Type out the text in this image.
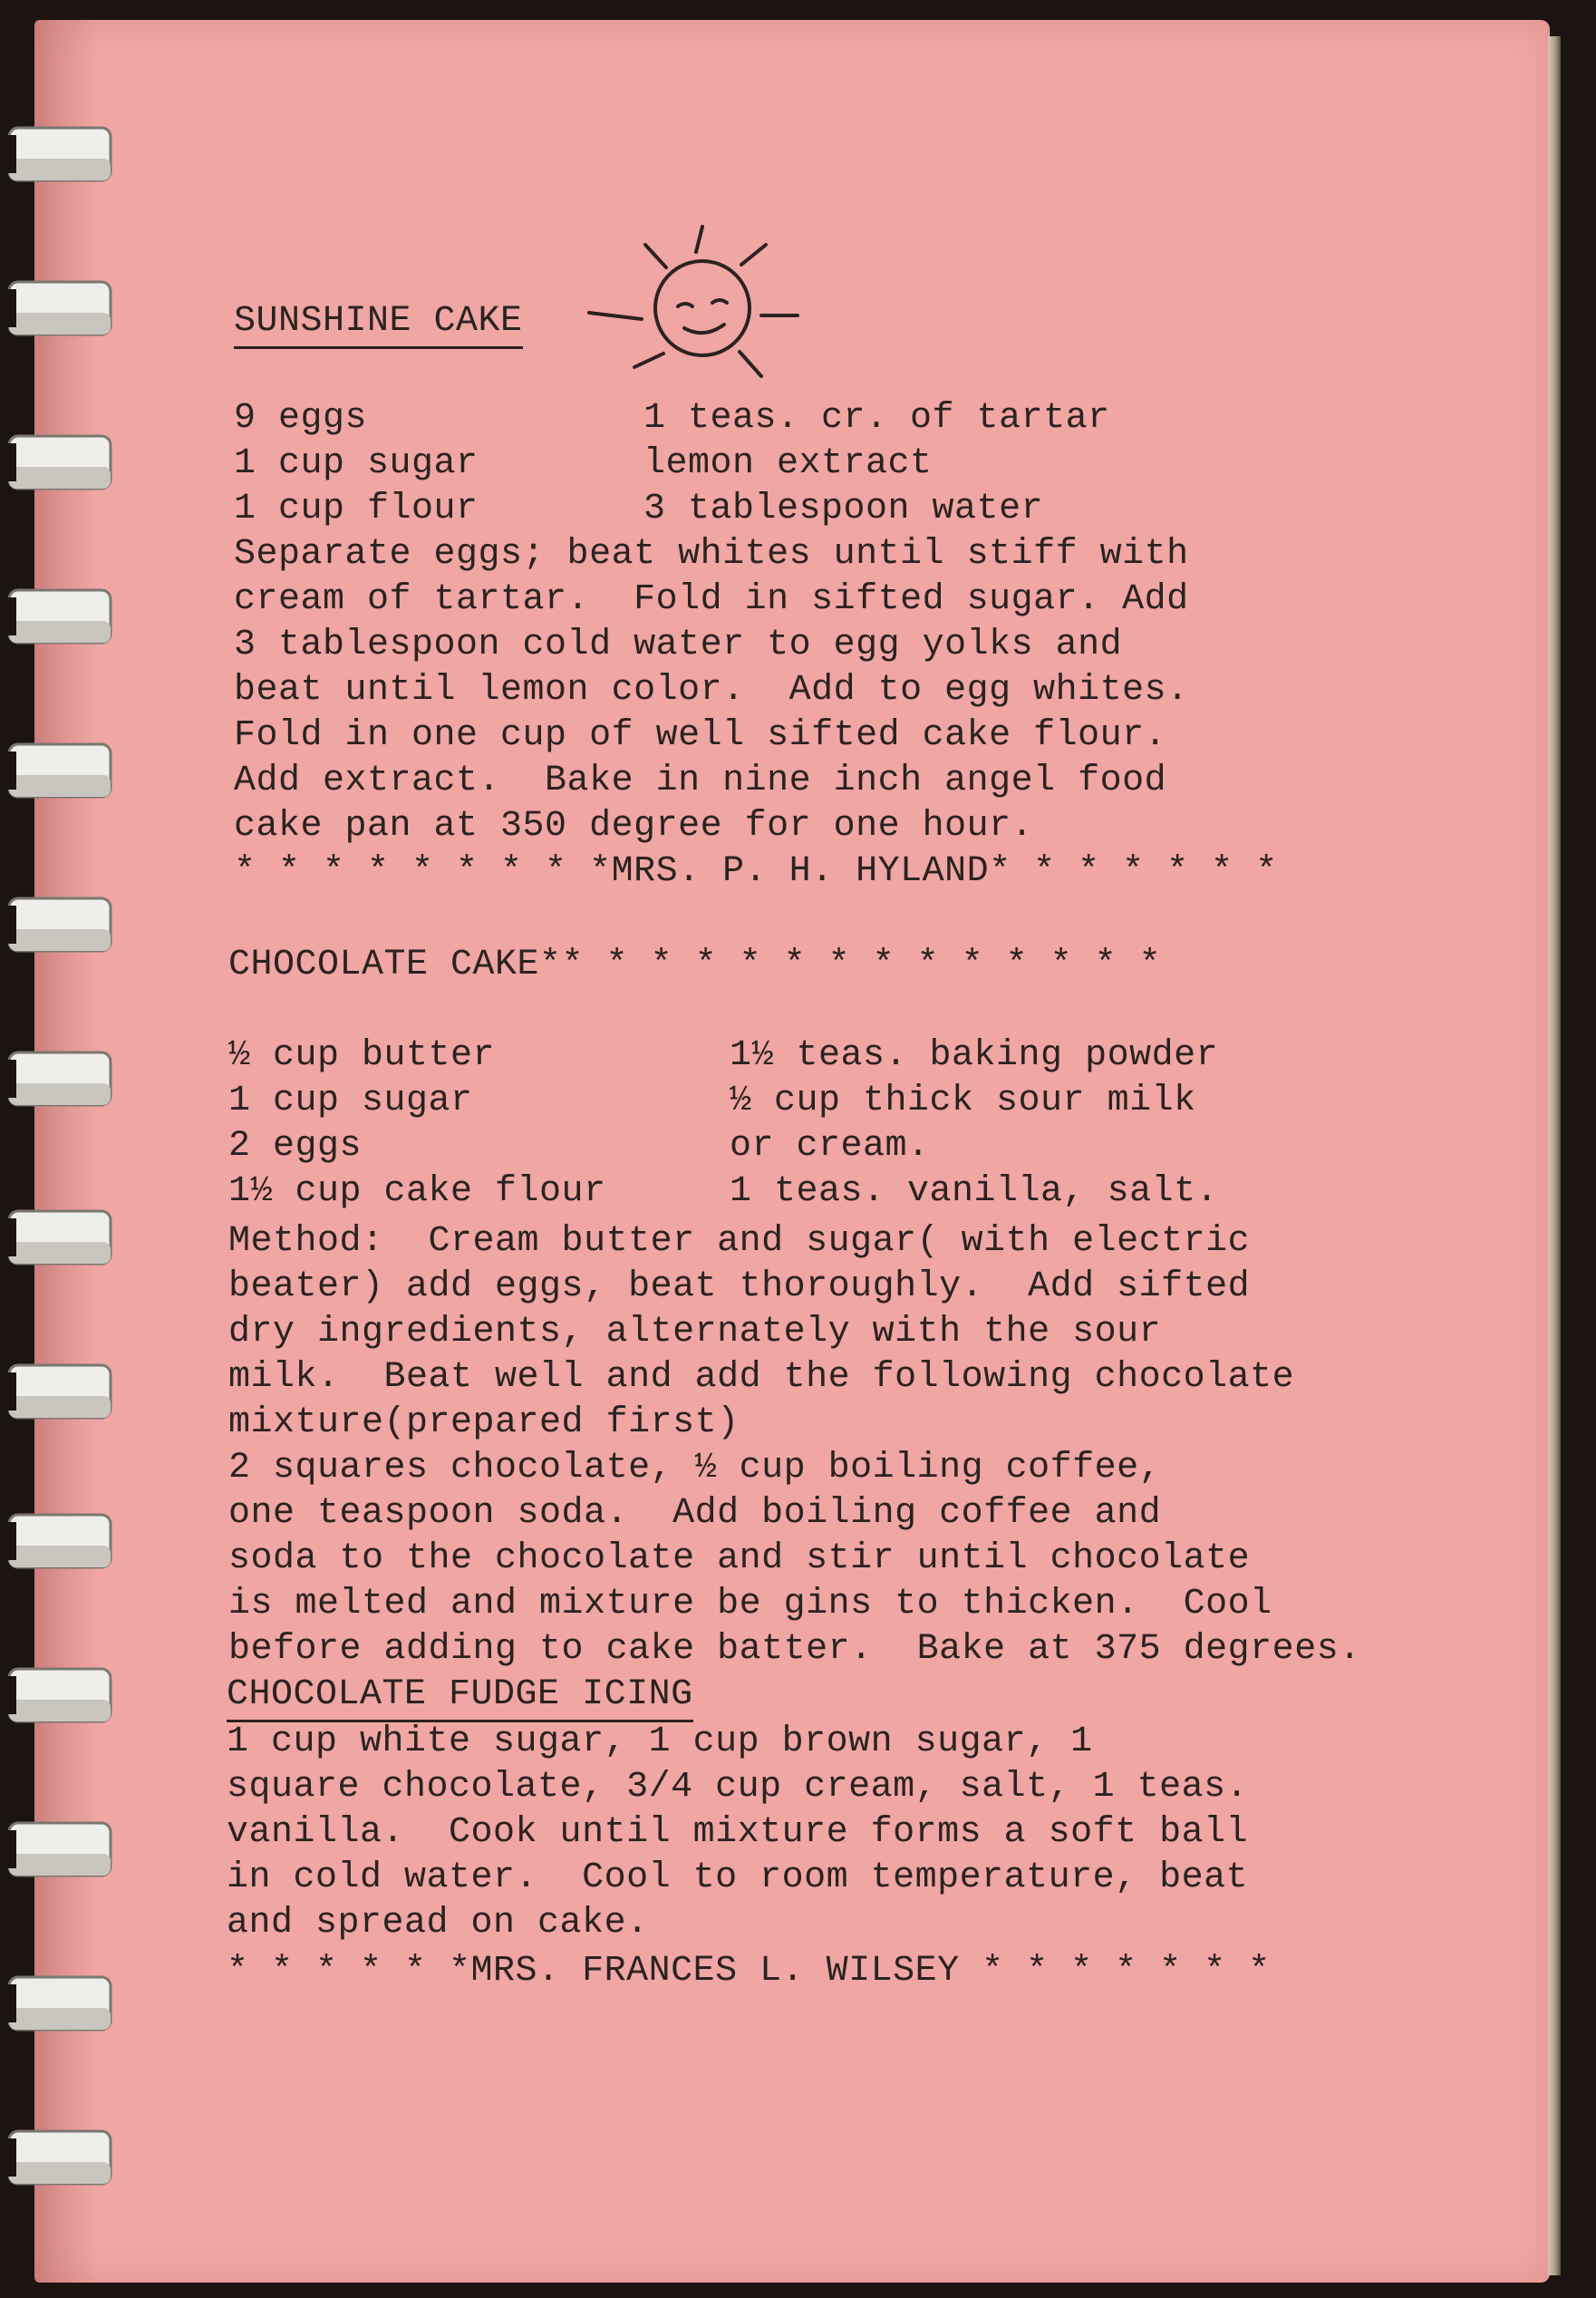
SUNSHINE CAKE
9 eggs
1 cup sugar
1 cup flour
1 teas. cr. of tartar
lemon extract
3 tablespoon water
Separate eggs; beat whites until stiff with
cream of tartar.  Fold in sifted sugar. Add
3 tablespoon cold water to egg yolks and
beat until lemon color.  Add to egg whites.
Fold in one cup of well sifted cake flour.
Add extract.  Bake in nine inch angel food
cake pan at 350 degree for one hour.
* * * * * * * * *MRS. P. H. HYLAND* * * * * * *
CHOCOLATE CAKE** * * * * * * * * * * * * *
½ cup butter
1 cup sugar
2 eggs
1½ cup cake flour
1½ teas. baking powder
½ cup thick sour milk
or cream.
1 teas. vanilla, salt.
Method:  Cream butter and sugar( with electric
beater) add eggs, beat thoroughly.  Add sifted
dry ingredients, alternately with the sour
milk.  Beat well and add the following chocolate
mixture(prepared first)
2 squares chocolate, ½ cup boiling coffee,
one teaspoon soda.  Add boiling coffee and
soda to the chocolate and stir until chocolate
is melted and mixture be gins to thicken.  Cool
before adding to cake batter.  Bake at 375 degrees.
CHOCOLATE FUDGE ICING
1 cup white sugar, 1 cup brown sugar, 1
square chocolate, 3/4 cup cream, salt, 1 teas.
vanilla.  Cook until mixture forms a soft ball
in cold water.  Cool to room temperature, beat
and spread on cake.
* * * * * *MRS. FRANCES L. WILSEY * * * * * * *
